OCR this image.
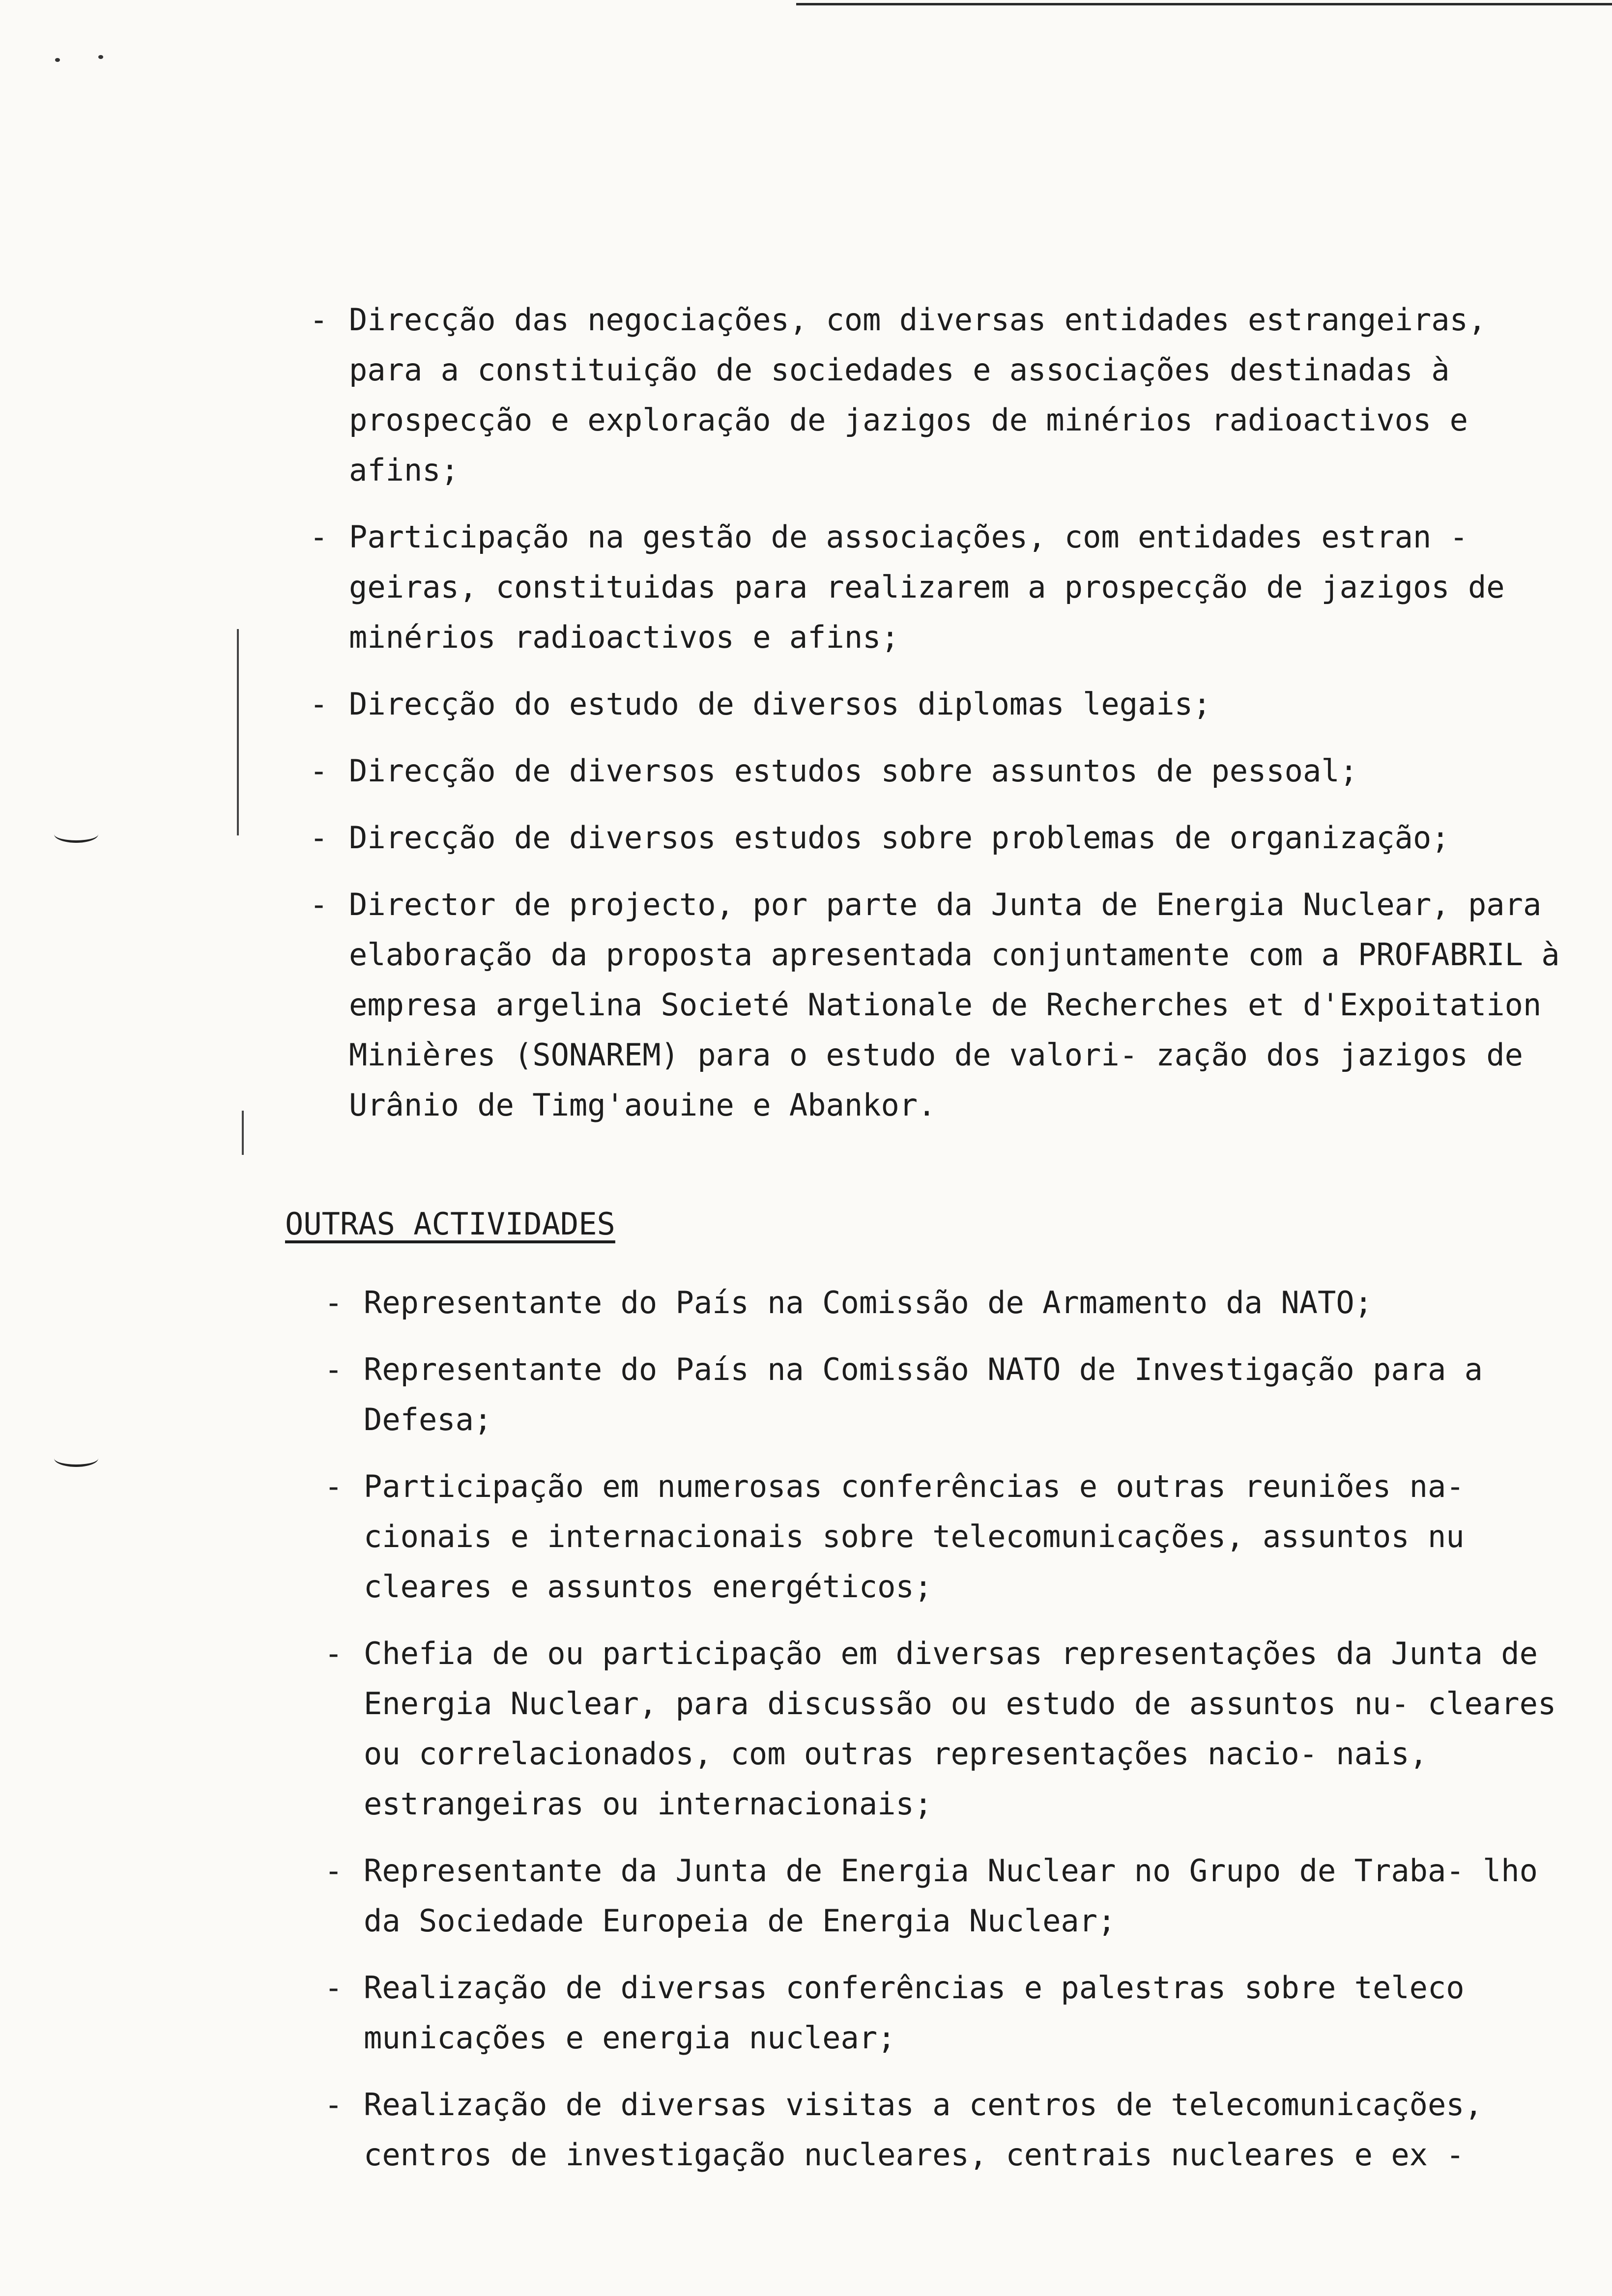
- Direcção das negociações, com diversas entidades estrangeiras, para a constituição de sociedades e associações destinadas à prospecção e exploração de jazigos de minérios radioactivos e afins;
- Participação na gestão de associações, com entidades estran - geiras, constituidas para realizarem a prospecção de jazigos de minérios radioactivos e afins;
- Direcção do estudo de diversos diplomas legais;
- Direcção de diversos estudos sobre assuntos de pessoal;
- Direcção de diversos estudos sobre problemas de organização;
- Director de projecto, por parte da Junta de Energia Nuclear, para elaboração da proposta apresentada conjuntamente com a PROFABRIL à empresa argelina Societé Nationale de Recherches et d'Expoitation Minières (SONAREM) para o estudo de valori- zação dos jazigos de Urânio de Timg'aouine e Abankor.
OUTRAS ACTIVIDADES
- Representante do País na Comissão de Armamento da NATO;
- Representante do País na Comissão NATO de Investigação para a Defesa;
- Participação em numerosas conferências e outras reuniões na- cionais e internacionais sobre telecomunicações, assuntos nu cleares e assuntos energéticos;
- Chefia de ou participação em diversas representações da Junta de Energia Nuclear, para discussão ou estudo de assuntos nu- cleares ou correlacionados, com outras representações nacio- nais, estrangeiras ou internacionais;
- Representante da Junta de Energia Nuclear no Grupo de Traba- lho da Sociedade Europeia de Energia Nuclear;
- Realização de diversas conferências e palestras sobre teleco municações e energia nuclear;
- Realização de diversas visitas a centros de telecomunicações, centros de investigação nucleares, centrais nucleares e ex -
